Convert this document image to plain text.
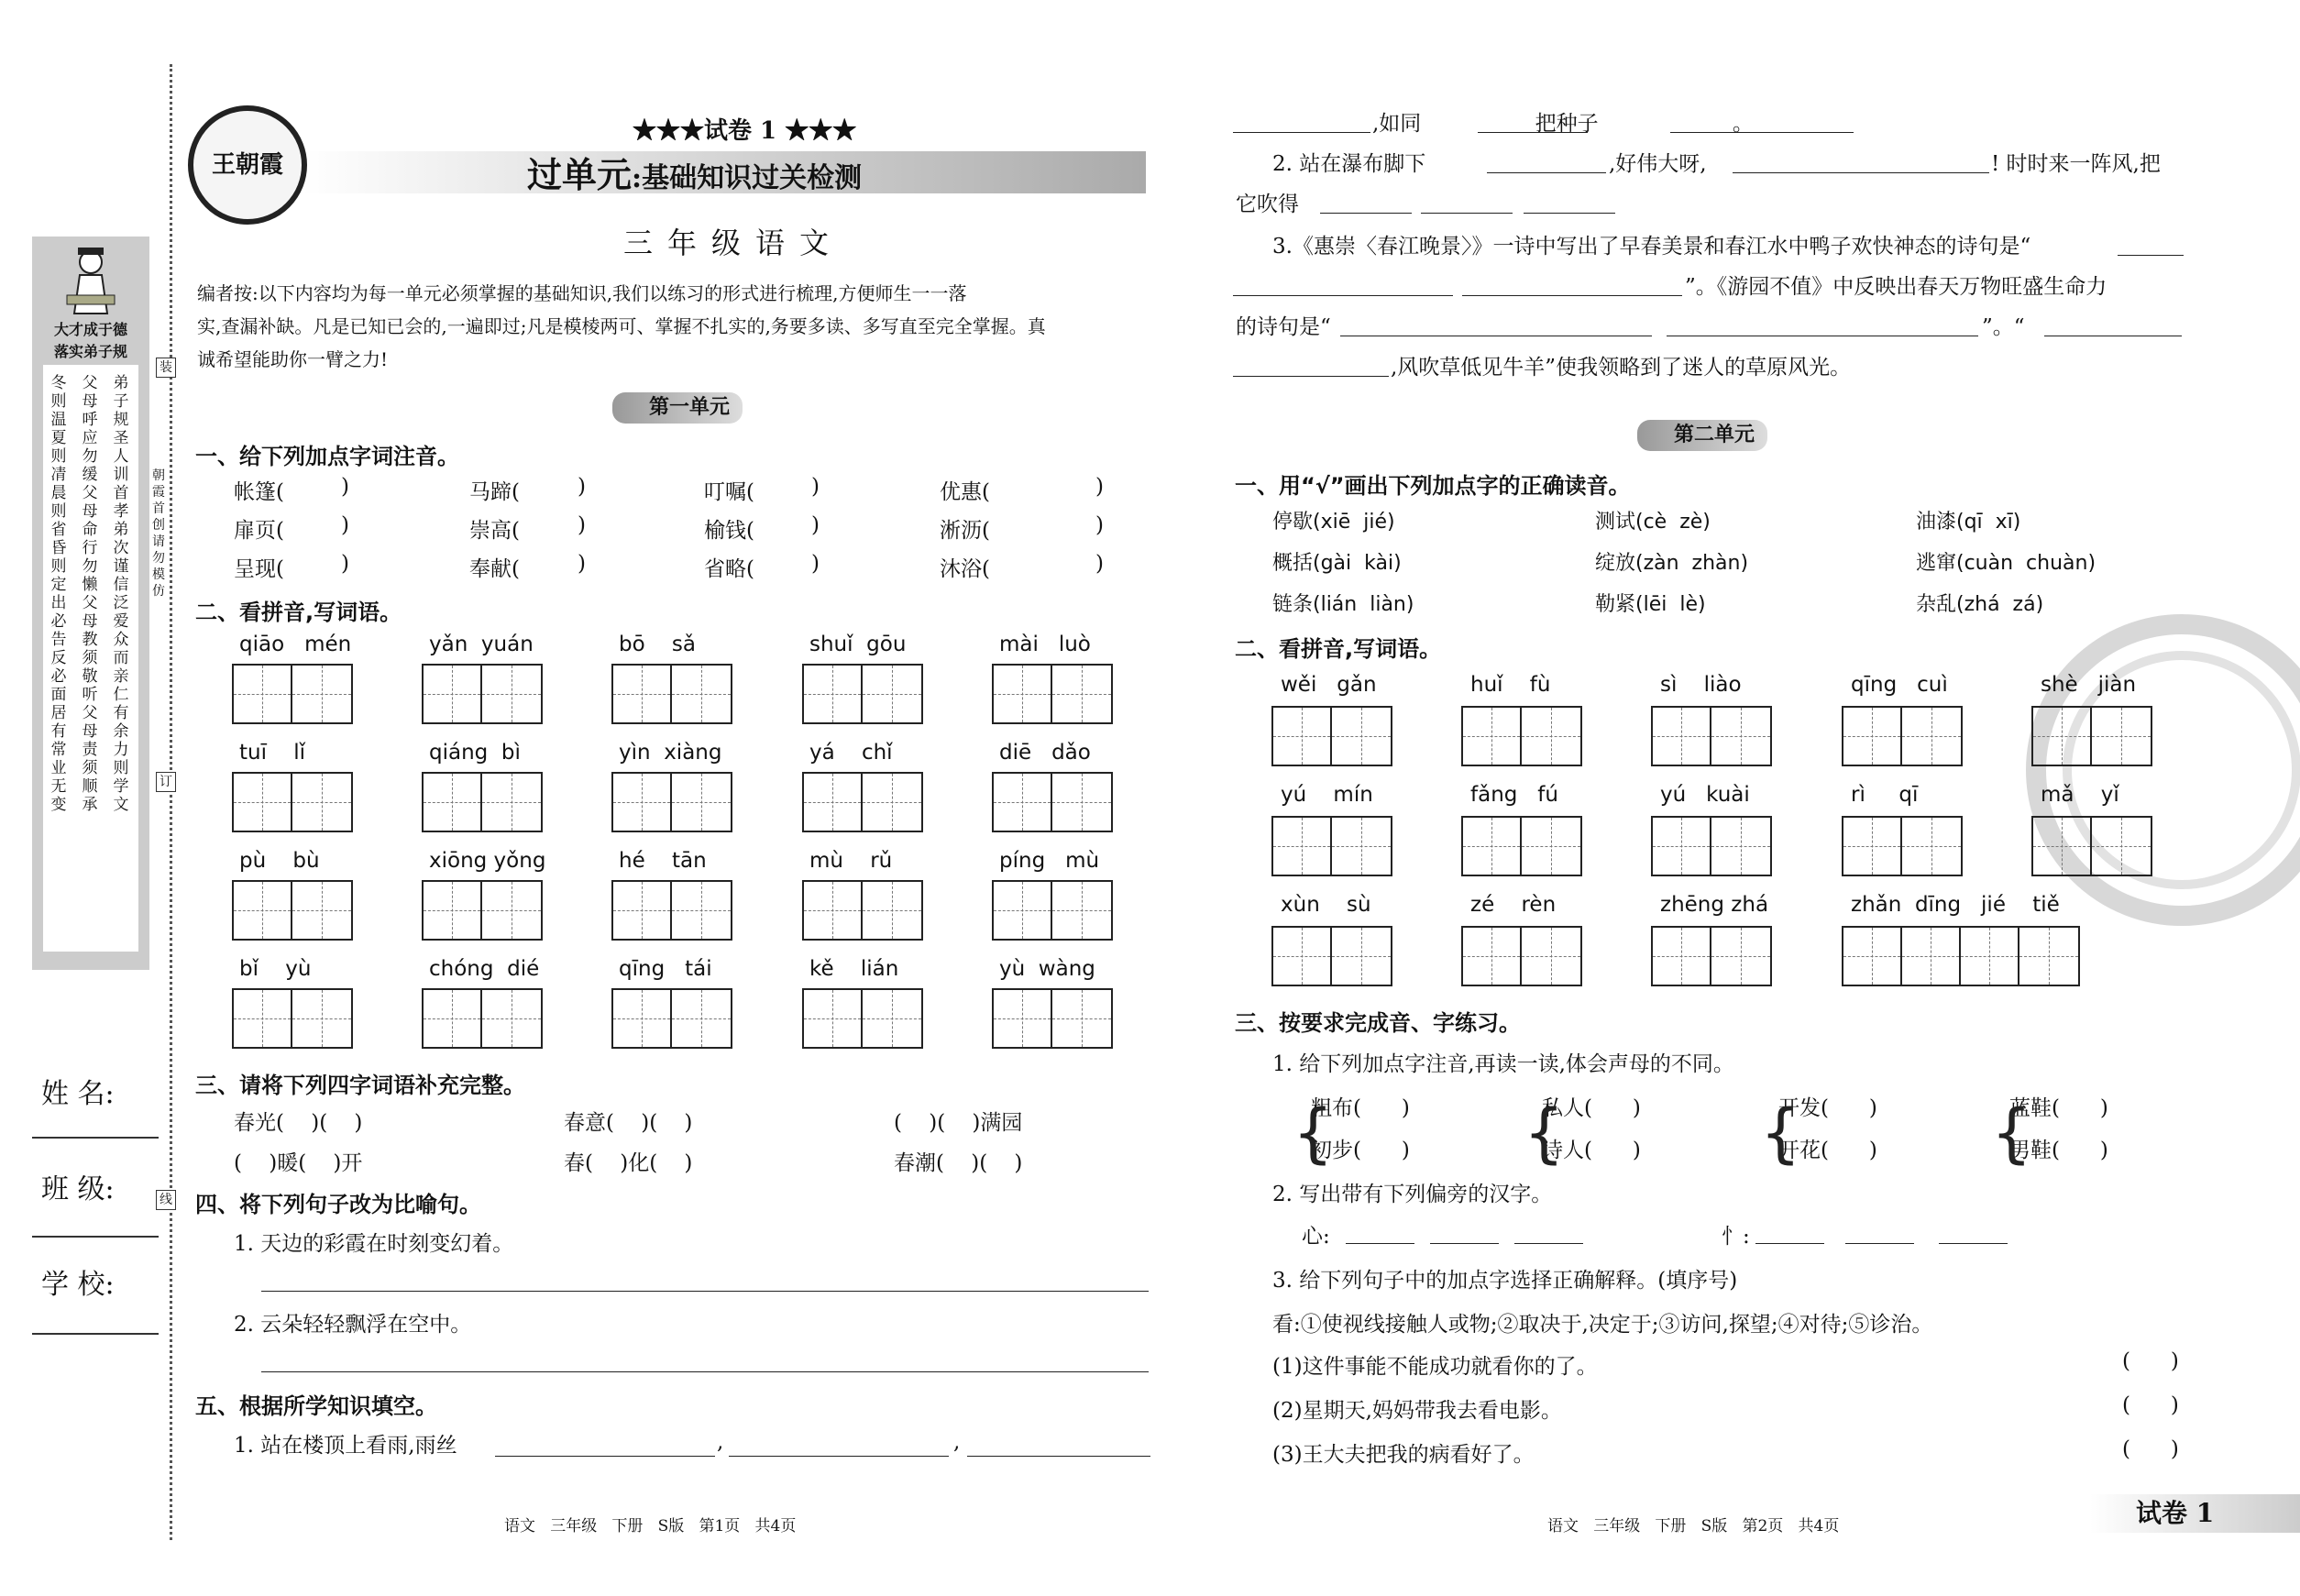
大才成于德
落实弟子规
冬
则
温
夏
则
凊
晨
则
省
昏
则
定
出
必
告
反
必
面
居
有
常
业
无
变
父
母
呼
应
勿
缓
父
母
命
行
勿
懒
父
母
教
须
敬
听
父
母
责
须
顺
承
弟
子
规
圣
人
训
首
孝
弟
次
谨
信
泛
爱
众
而
亲
仁
有
余
力
则
学
文
朝
霞
首
创
请
勿
模
仿
装
订
线
姓 名:
班 级:
学 校:
王朝霞
★★★试卷 1 ★★★
过单元:基础知识过关检测
三年级语文
编者按:以下内容均为每一单元必须掌握的基础知识,我们以练习的形式进行梳理,方便师生一一落
实,查漏补缺。凡是已知已会的,一遍即过;凡是模棱两可、掌握不扎实的,务要多读、多写直至完全掌握。真
诚希望能助你一臂之力!
第一单元
一、给下列加点字词注音。
二、看拼音,写词语。
三、请将下列四字词语补充完整。
春光(    )(    )	春意(    )(    )	(    )(    )满园
(    )暖(    )开	春(    )化(    )	春潮(    )(    )
四、将下列句子改为比喻句。
1. 天边的彩霞在时刻变幻着。
2. 云朵轻轻飘浮在空中。
五、根据所学知识填空。
1. 站在楼顶上看雨,雨丝	,	,
语文   三年级   下册   S版   第1页   共4页
,如同                 把种子                    。
2. 站在瀑布脚下	,好伟大呀,	! 时时来一阵风,把
它吹得
3.《惠崇〈春江晚景〉》一诗中写出了早春美景和春江水中鸭子欢快神态的诗句是“
”。《游园不值》中反映出春天万物旺盛生命力
的诗句是“	”。“
,风吹草低见牛羊”使我领略到了迷人的草原风光。
第二单元
一、用“√”画出下列加点字的正确读音。
二、看拼音,写词语。
三、按要求完成音、字练习。
1. 给下列加点字注音,再读一读,体会声母的不同。
2. 写出带有下列偏旁的汉字。
心:	忄:
3. 给下列句子中的加点字选择正确解释。(填序号)
看:①使视线接触人或物;②取决于,决定于;③访问,探望;④对待;⑤诊治。
(1)这件事能不能成功就看你的了。	(      )
(2)星期天,妈妈带我去看电影。	(      )
(3)王大夫把我的病看好了。	(      )
语文   三年级   下册   S版   第2页   共4页	试卷 1
帐篷(	)	马蹄(	)	叮嘱(	)	优惠(	)
扉页(	)	崇高(	)	榆钱(	)	淅沥(	)
呈现(	)	奉献(	)	省略(	)	沐浴(	)
qiāo   mén	yǎn  yuán	bō    sǎ	shuǐ  gōu	mài   luò
tuī    lǐ	qiáng  bì	yìn  xiàng	yá    chǐ	diē   dǎo
pù    bù	xiōng yǒng	hé    tān	mù    rǔ	píng   mù
bǐ    yù	chóng  dié	qīng   tái	kě    lián	yù  wàng
停歇(xiē  jié)	测试(cè  zè)	油漆(qī  xī)
概括(gài  kài)	绽放(zàn  zhàn)	逃窜(cuàn  chuàn)
链条(lián  liàn)	勒紧(lēi  lè)	杂乱(zhá  zá)
wěi   gǎn	huǐ    fù	sì    liào	qīng   cuì	shè   jiàn
yú    mín	fǎng   fú	yú   kuài	rì     qī	mǎ    yǐ
xùn    sù	zé    rèn	zhēng zhá	zhǎn  dīng   jié    tiě
粗布(      )	私人(      )	开发(      )	蓝鞋(      )
初步(      )	诗人(      )	开花(      )	男鞋(      )
{	{	{	{
